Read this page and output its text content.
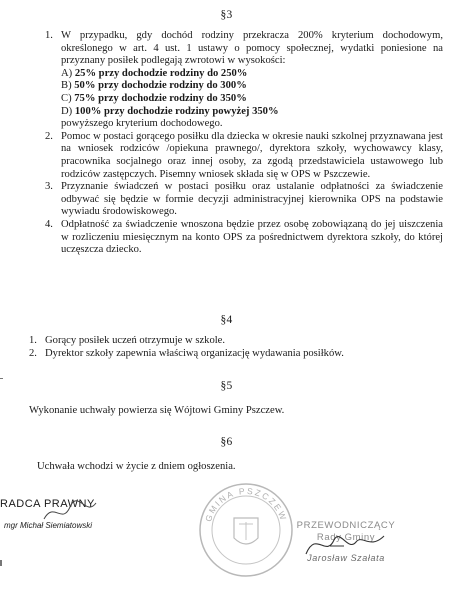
§3
1. W przypadku, gdy dochód rodziny przekracza 200% kryterium dochodowym, określonego w art. 4 ust. 1 ustawy o pomocy społecznej, wydatki poniesione na przyznany posiłek podlegają zwrotowi w wysokości:
A) 25% przy dochodzie rodziny do 250%
B) 50% przy dochodzie rodziny do 300%
C) 75% przy dochodzie rodziny do 350%
D) 100% przy dochodzie rodziny powyżej 350%
powyższego kryterium dochodowego.
2. Pomoc w postaci gorącego posiłku dla dziecka w okresie nauki szkolnej przyznawana jest na wniosek rodziców /opiekuna prawnego/, dyrektora szkoły, wychowawcy klasy, pracownika socjalnego oraz innej osoby, za zgodą przedstawiciela ustawowego lub rodziców zastępczych. Pisemny wniosek składa się w OPS w Pszczewie.
3. Przyznanie świadczeń w postaci posiłku oraz ustalanie odpłatności za świadczenie odbywać się będzie w formie decyzji administracyjnej kierownika OPS na podstawie wywiadu środowiskowego.
4. Odpłatność za świadczenie wnoszona będzie przez osobę zobowiązaną do jej uiszczenia w rozliczeniu miesięcznym na konto OPS za pośrednictwem dyrektora szkoły, do której uczęszcza dziecko.
§4
1. Gorący posiłek uczeń otrzymuje w szkole.
2. Dyrektor szkoły zapewnia właściwą organizację wydawania posiłków.
§5
Wykonanie uchwały powierza się Wójtowi Gminy Pszczew.
§6
Uchwała wchodzi w życie z dniem ogłoszenia.
RADCA PRAWNY
mgr Michał Siemiatowski
GMINA PSZCZEW
PRZEWODNICZĄCY
Rady Gminy
Jarosław Szałata
